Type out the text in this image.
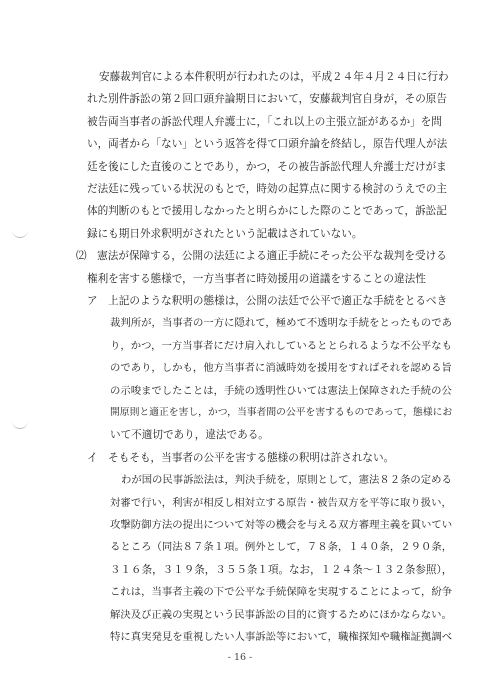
安藤裁判官による本件釈明が行われたのは，平成２４年４月２４日に行わ
れた別件訴訟の第２回口頭弁論期日において，安藤裁判官自身が，その原告
被告両当事者の訴訟代理人弁護士に，「これ以上の主張立証があるか」を問
い，両者から「ない」という返答を得て口頭弁論を終結し，原告代理人が法
廷を後にした直後のことであり，かつ，その被告訴訟代理人弁護士だけがま
だ法廷に残っている状況のもとで，時効の起算点に関する検討のうえでの主
体的判断のもとで援用しなかったと明らかにした際のことであって，訴訟記
録にも期日外求釈明がされたという記載はされていない。
⑵　憲法が保障する，公開の法廷による適正手続にそった公平な裁判を受ける
権利を害する態様で，一方当事者に時効援用の道議をすることの違法性
ア　上記のような釈明の態様は，公開の法廷で公平で適正な手続をとるべき
裁判所が，当事者の一方に隠れて，極めて不透明な手続をとったものであ
り，かつ，一方当事者にだけ肩入れしているととられるような不公平なも
のであり，しかも，他方当事者に消滅時効を援用をすればそれを認める旨
の示唆までしたことは，手続の透明性ひいては憲法上保障された手続の公
開原則と適正を害し，かつ，当事者間の公平を害するものであって，態様にお
いて不適切であり，違法である。
イ　そもそも，当事者の公平を害する態様の釈明は許されない。
わが国の民事訴訟法は，判決手続を，原則として，憲法８２条の定める
対審で行い，利害が相反し相対立する原告・被告双方を平等に取り扱い，
攻撃防御方法の提出について対等の機会を与える双方審理主義を貫いてい
るところ（同法８７条１項。例外として，７８条，１４０条，２９０条，
３１６条，３１９条，３５５条１項。なお，１２４条～１３２条参照），
これは，当事者主義の下で公平な手続保障を実現することによって，紛争
解決及び正義の実現という民事訴訟の目的に資するためにほかならない。
特に真実発見を重視したい人事訴訟等において，職権探知や職権証拠調べ
- 16 -
